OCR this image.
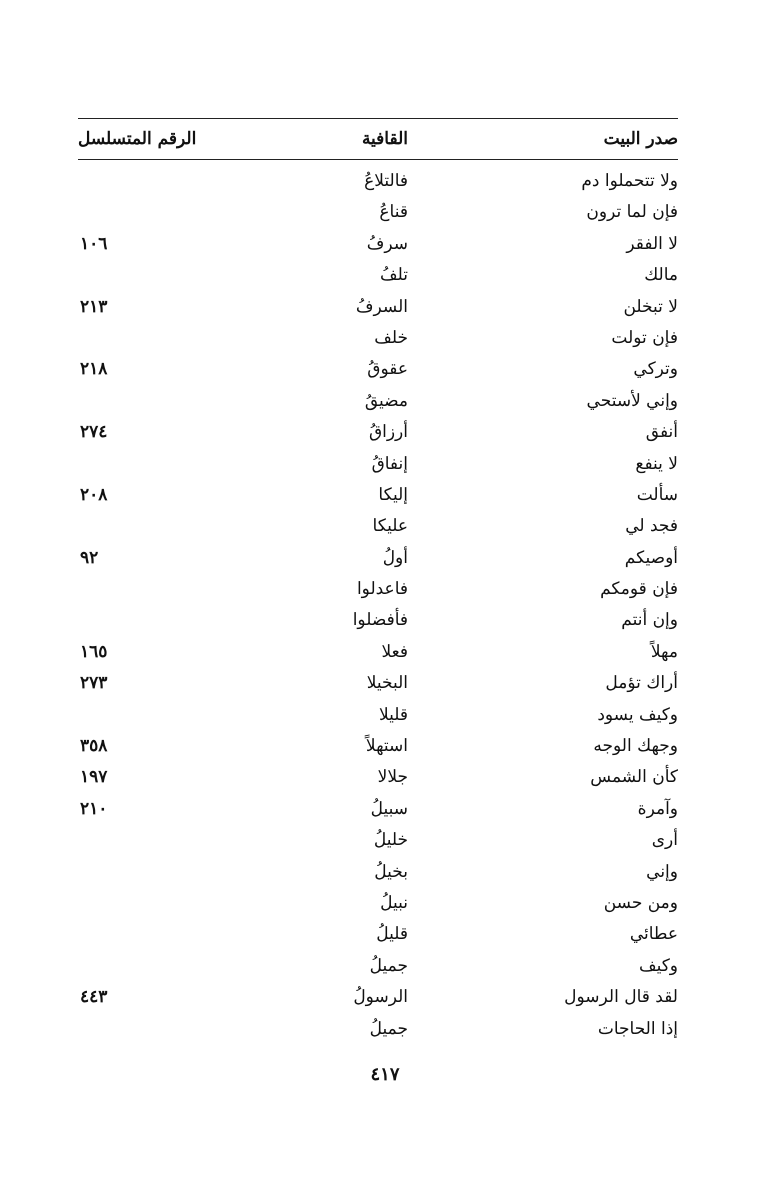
صدر البيت
القافية
الرقم المتسلسل
ولا تتحملوا دم
فالتلاعُ
فإن لما ترون
قناعُ
لا الفقر
سرفُ
١٠٦
مالك
تلفُ
لا تبخلن
السرفُ
٢١٣
فإن تولت
خلف
وتركي
عقوقُ
٢١٨
وإني لأستحي
مضيقُ
أنفق
أرزاقُ
٢٧٤
لا ينفع
إنفاقُ
سألت
إليكا
٢٠٨
فجد لي
عليكا
أوصيكم
أولُ
٩٢
فإن قومكم
فاعدلوا
وإن أنتم
فأفضلوا
مهلاً
فعلا
١٦٥
أراك تؤمل
البخيلا
٢٧٣
وكيف يسود
قليلا
وجهك الوجه
استهلاً
٣٥٨
كأن الشمس
جلالا
١٩٧
وآمرة
سبيلُ
٢١٠
أرى
خليلُ
وإني
بخيلُ
ومن حسن
نبيلُ
عطائي
قليلُ
وكيف
جميلُ
لقد قال الرسول
الرسولُ
٤٤٣
إذا الحاجات
جميلُ
٤١٧
